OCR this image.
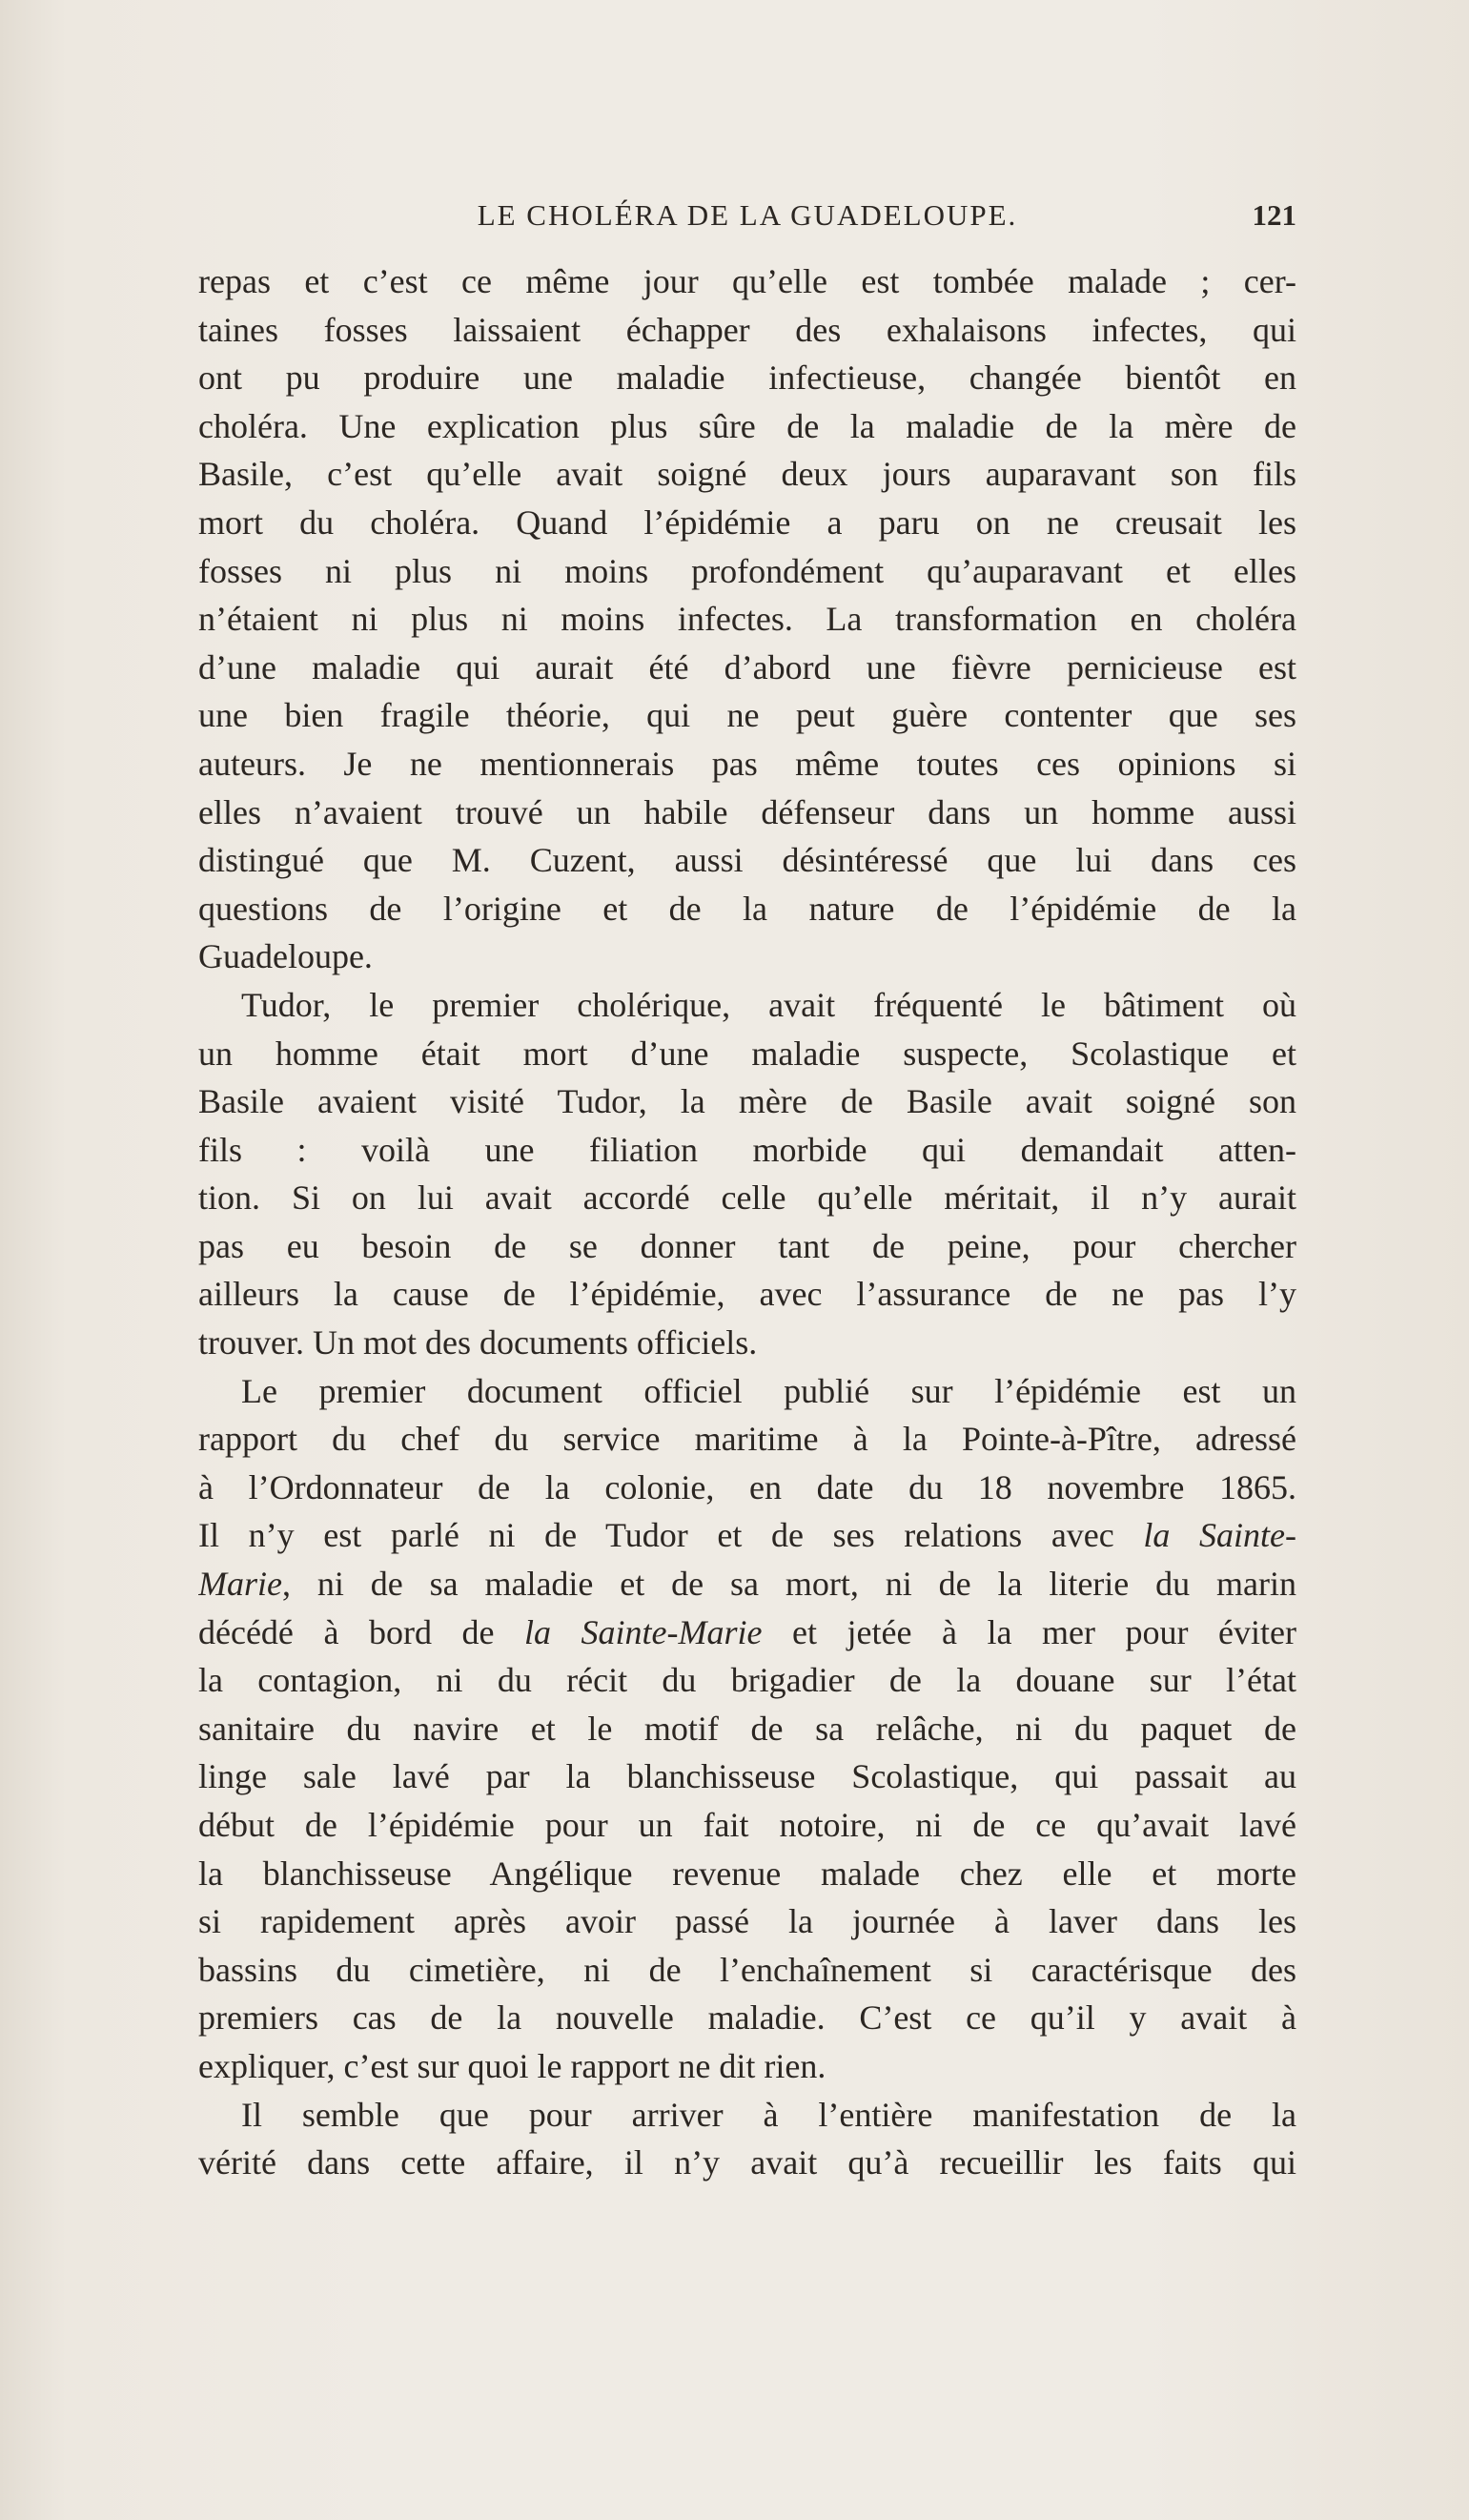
LE CHOLÉRA DE LA GUADELOUPE.	121
repas et c’est ce même jour qu’elle est tombée malade ; cer-
taines fosses laissaient échapper des exhalaisons infectes, qui
ont pu produire une maladie infectieuse, changée bientôt en
choléra. Une explication plus sûre de la maladie de la mère de
Basile, c’est qu’elle avait soigné deux jours auparavant son fils
mort du choléra. Quand l’épidémie a paru on ne creusait les
fosses ni plus ni moins profondément qu’auparavant et elles
n’étaient ni plus ni moins infectes. La transformation en choléra
d’une maladie qui aurait été d’abord une fièvre pernicieuse est
une bien fragile théorie, qui ne peut guère contenter que ses
auteurs. Je ne mentionnerais pas même toutes ces opinions si
elles n’avaient trouvé un habile défenseur dans un homme aussi
distingué que M. Cuzent, aussi désintéressé que lui dans ces
questions de l’origine et de la nature de l’épidémie de la
Guadeloupe.
Tudor, le premier cholérique, avait fréquenté le bâtiment où
un homme était mort d’une maladie suspecte, Scolastique et
Basile avaient visité Tudor, la mère de Basile avait soigné son
fils : voilà une filiation morbide qui demandait atten-
tion. Si on lui avait accordé celle qu’elle méritait, il n’y aurait
pas eu besoin de se donner tant de peine, pour chercher
ailleurs la cause de l’épidémie, avec l’assurance de ne pas l’y
trouver. Un mot des documents officiels.
Le premier document officiel publié sur l’épidémie est un
rapport du chef du service maritime à la Pointe-à-Pître, adressé
à l’Ordonnateur de la colonie, en date du 18 novembre 1865.
Il n’y est parlé ni de Tudor et de ses relations avec la Sainte-
Marie, ni de sa maladie et de sa mort, ni de la literie du marin
décédé à bord de la Sainte-Marie et jetée à la mer pour éviter
la contagion, ni du récit du brigadier de la douane sur l’état
sanitaire du navire et le motif de sa relâche, ni du paquet de
linge sale lavé par la blanchisseuse Scolastique, qui passait au
début de l’épidémie pour un fait notoire, ni de ce qu’avait lavé
la blanchisseuse Angélique revenue malade chez elle et morte
si rapidement après avoir passé la journée à laver dans les
bassins du cimetière, ni de l’enchaînement si caractérisque des
premiers cas de la nouvelle maladie. C’est ce qu’il y avait à
expliquer, c’est sur quoi le rapport ne dit rien.
Il semble que pour arriver à l’entière manifestation de la
vérité dans cette affaire, il n’y avait qu’à recueillir les faits qui
